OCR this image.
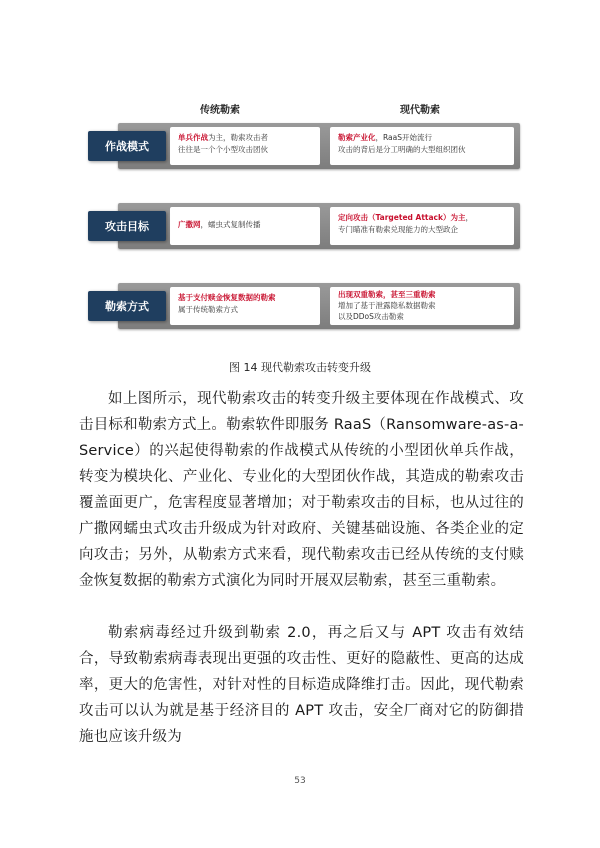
传统勒索	现代勒索
单兵作战为主，勒索攻击者
往往是一个个小型攻击团伙
勒索产业化，RaaS开始流行
攻击的背后是分工明确的大型组织团伙
广撒网，蠕虫式复制传播
定向攻击（Targeted Attack）为主，
专门瞄准有勒索兑现能力的大型政企
基于支付赎金恢复数据的勒索
属于传统勒索方式
出现双重勒索，甚至三重勒索
增加了基于泄露隐私数据勒索
以及DDoS攻击勒索
作战模式
攻击目标
勒索方式
图 14 现代勒索攻击转变升级

如上图所示，现代勒索攻击的转变升级主要体现在作战模式、攻击目标和勒索方式上。勒索软件即服务 RaaS（Ransomware-as-a-Service）的兴起使得勒索的作战模式从传统的小型团伙单兵作战，转变为模块化、产业化、专业化的大型团伙作战，其造成的勒索攻击覆盖面更广，危害程度显著增加；对于勒索攻击的目标，也从过往的广撒网蠕虫式攻击升级成为针对政府、关键基础设施、各类企业的定向攻击；另外，从勒索方式来看，现代勒索攻击已经从传统的支付赎金恢复数据的勒索方式演化为同时开展双层勒索，甚至三重勒索。

勒索病毒经过升级到勒索 2.0，再之后又与 APT 攻击有效结合，导致勒索病毒表现出更强的攻击性、更好的隐蔽性、更高的达成率，更大的危害性，对针对性的目标造成降维打击。因此，现代勒索攻击可以认为就是基于经济目的 APT 攻击，安全厂商对它的防御措施也应该升级为

53
